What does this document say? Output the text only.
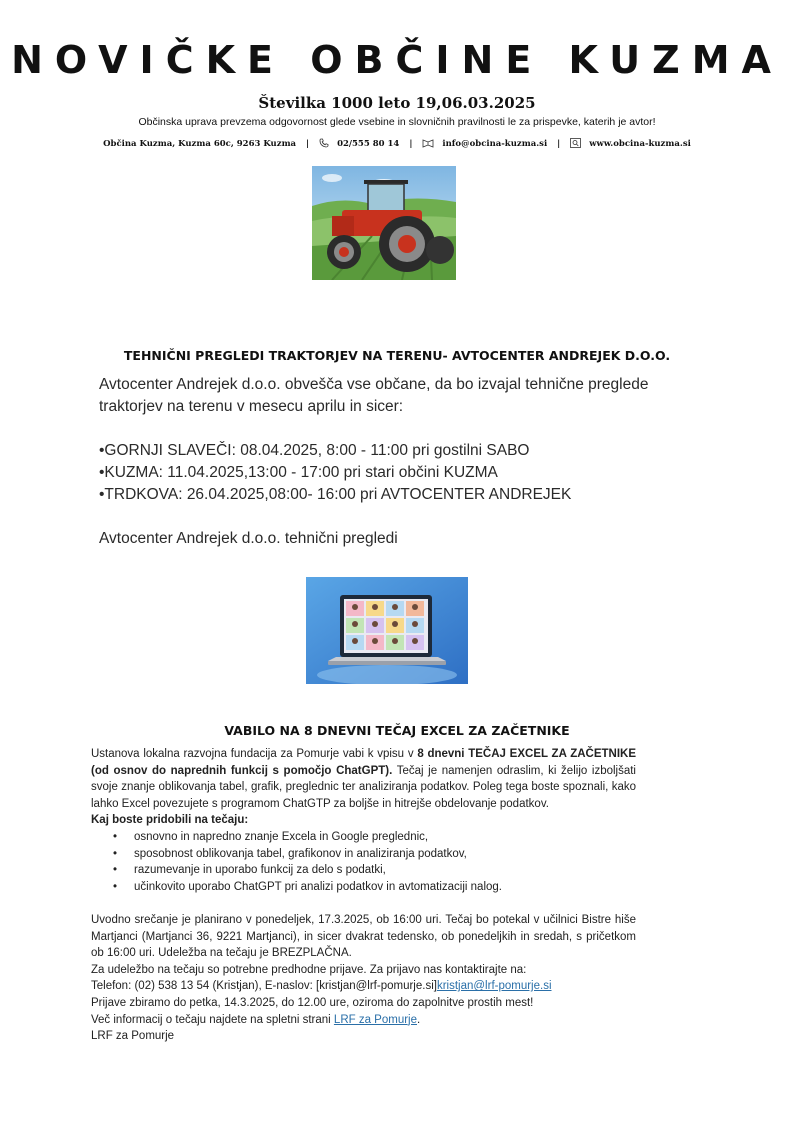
NOVIČKE OBČINE KUZMA
Številka 1000 leto 19,06.03.2025
Občinska uprava prevzema odgovornost glede vsebine in slovničnih pravilnosti le za prispevke, katerih je avtor!
Občina Kuzma, Kuzma 60c, 9263 Kuzma |	02/555 80 14 |	info@obcina-kuzma.si |	www.obcina-kuzma.si
TEHNIČNI PREGLEDI TRAKTORJEV NA TERENU- AVTOCENTER ANDREJEK D.O.O.

Avtocenter Andrejek d.o.o. obvešča vse občane, da bo izvajal tehnične preglede traktorjev na terenu v mesecu aprilu in sicer:

•GORNJI SLAVEČI: 08.04.2025, 8:00 - 11:00 pri gostilni SABO

•KUZMA: 11.04.2025,13:00 - 17:00 pri stari občini KUZMA

•TRDKOVA: 26.04.2025,08:00- 16:00 pri AVTOCENTER ANDREJEK

Avtocenter Andrejek d.o.o. tehnični pregledi

VABILO NA 8 DNEVNI TEČAJ EXCEL ZA ZAČETNIKE

Ustanova lokalna razvojna fundacija za Pomurje vabi k vpisu v 8 dnevni TEČAJ EXCEL ZA ZAČETNIKE (od osnov do naprednih funkcij s pomočjo ChatGPT). Tečaj je namenjen odraslim, ki želijo izboljšati svoje znanje oblikovanja tabel, grafik, preglednic ter analiziranja podatkov. Poleg tega boste spoznali, kako lahko Excel povezujete s programom ChatGTP za boljše in hitrejše obdelovanje podatkov.

Kaj boste pridobili na tečaju:

• osnovno in napredno znanje Excela in Google preglednic,
• sposobnost oblikovanja tabel, grafikonov in analiziranja podatkov,
• razumevanje in uporabo funkcij za delo s podatki,
• učinkovito uporabo ChatGPT pri analizi podatkov in avtomatizaciji nalog.

Uvodno srečanje je planirano v ponedeljek, 17.3.2025, ob 16:00 uri. Tečaj bo potekal v učilnici Bistre hiše Martjanci (Martjanci 36, 9221 Martjanci), in sicer dvakrat tedensko, ob ponedeljkih in sredah, s pričetkom ob 16:00 uri. Udeležba na tečaju je BREZPLAČNA.

Za udeležbo na tečaju so potrebne predhodne prijave. Za prijavo nas kontaktirajte na:

Telefon: (02) 538 13 54 (Kristjan), E-naslov: [kristjan@lrf-pomurje.si]kristjan@lrf-pomurje.si

Prijave zbiramo do petka, 14.3.2025, do 12.00 ure, oziroma do zapolnitve prostih mest!

Več informacij o tečaju najdete na spletni strani LRF za Pomurje.

LRF za Pomurje
